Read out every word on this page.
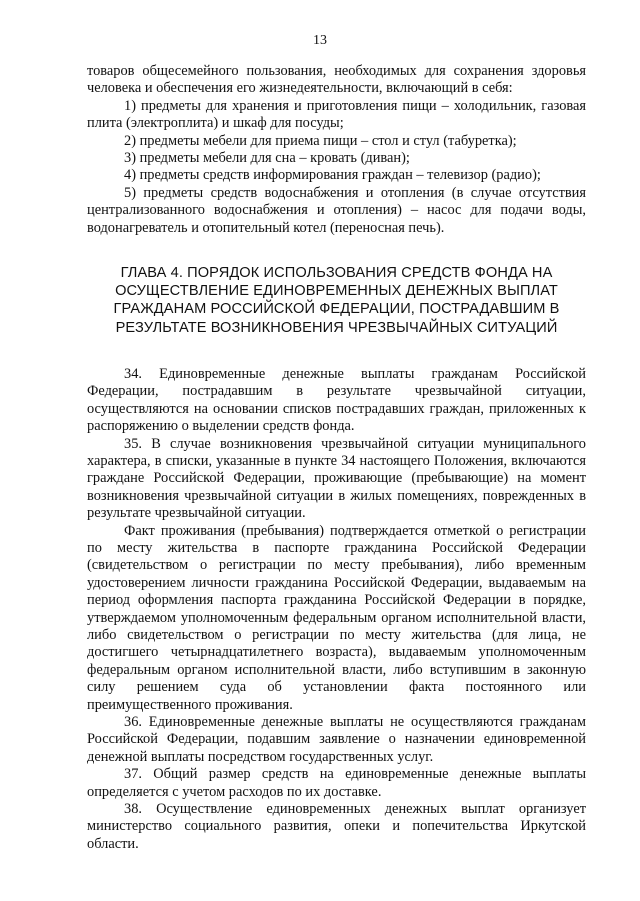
13

товаров общесемейного пользования, необходимых для сохранения здоровья человека и обеспечения его жизнедеятельности, включающий в себя:

1) предметы для хранения и приготовления пищи – холодильник, газовая плита (электроплита) и шкаф для посуды;

2) предметы мебели для приема пищи – стол и стул (табуретка);

3) предметы мебели для сна – кровать (диван);

4) предметы средств информирования граждан – телевизор (радио);

5) предметы средств водоснабжения и отопления (в случае отсутствия централизованного водоснабжения и отопления) – насос для подачи воды, водонагреватель и отопительный котел (переносная печь).

ГЛАВА 4. ПОРЯДОК ИСПОЛЬЗОВАНИЯ СРЕДСТВ ФОНДА НА
ОСУЩЕСТВЛЕНИЕ ЕДИНОВРЕМЕННЫХ ДЕНЕЖНЫХ ВЫПЛАТ
ГРАЖДАНАМ РОССИЙСКОЙ ФЕДЕРАЦИИ, ПОСТРАДАВШИМ В
РЕЗУЛЬТАТЕ ВОЗНИКНОВЕНИЯ ЧРЕЗВЫЧАЙНЫХ СИТУАЦИЙ

34. Единовременные денежные выплаты гражданам Российской Федерации, пострадавшим в результате чрезвычайной ситуации, осуществляются на основании списков пострадавших граждан, приложенных к распоряжению о выделении средств фонда.

35. В случае возникновения чрезвычайной ситуации муниципального характера, в списки, указанные в пункте 34 настоящего Положения, включаются граждане Российской Федерации, проживающие (пребывающие) на момент возникновения чрезвычайной ситуации в жилых помещениях, поврежденных в результате чрезвычайной ситуации.

Факт проживания (пребывания) подтверждается отметкой о регистрации по месту жительства в паспорте гражданина Российской Федерации (свидетельством о регистрации по месту пребывания), либо временным удостоверением личности гражданина Российской Федерации, выдаваемым на период оформления паспорта гражданина Российской Федерации в порядке, утверждаемом уполномоченным федеральным органом исполнительной власти, либо свидетельством о регистрации по месту жительства (для лица, не достигшего четырнадцатилетнего возраста), выдаваемым уполномоченным федеральным органом исполнительной власти, либо вступившим в законную силу решением суда об установлении факта постоянного или преимущественного проживания.

36. Единовременные денежные выплаты не осуществляются гражданам Российской Федерации, подавшим заявление о назначении единовременной денежной выплаты посредством государственных услуг.

37. Общий размер средств на единовременные денежные выплаты определяется с учетом расходов по их доставке.

38. Осуществление единовременных денежных выплат организует министерство социального развития, опеки и попечительства Иркутской области.
